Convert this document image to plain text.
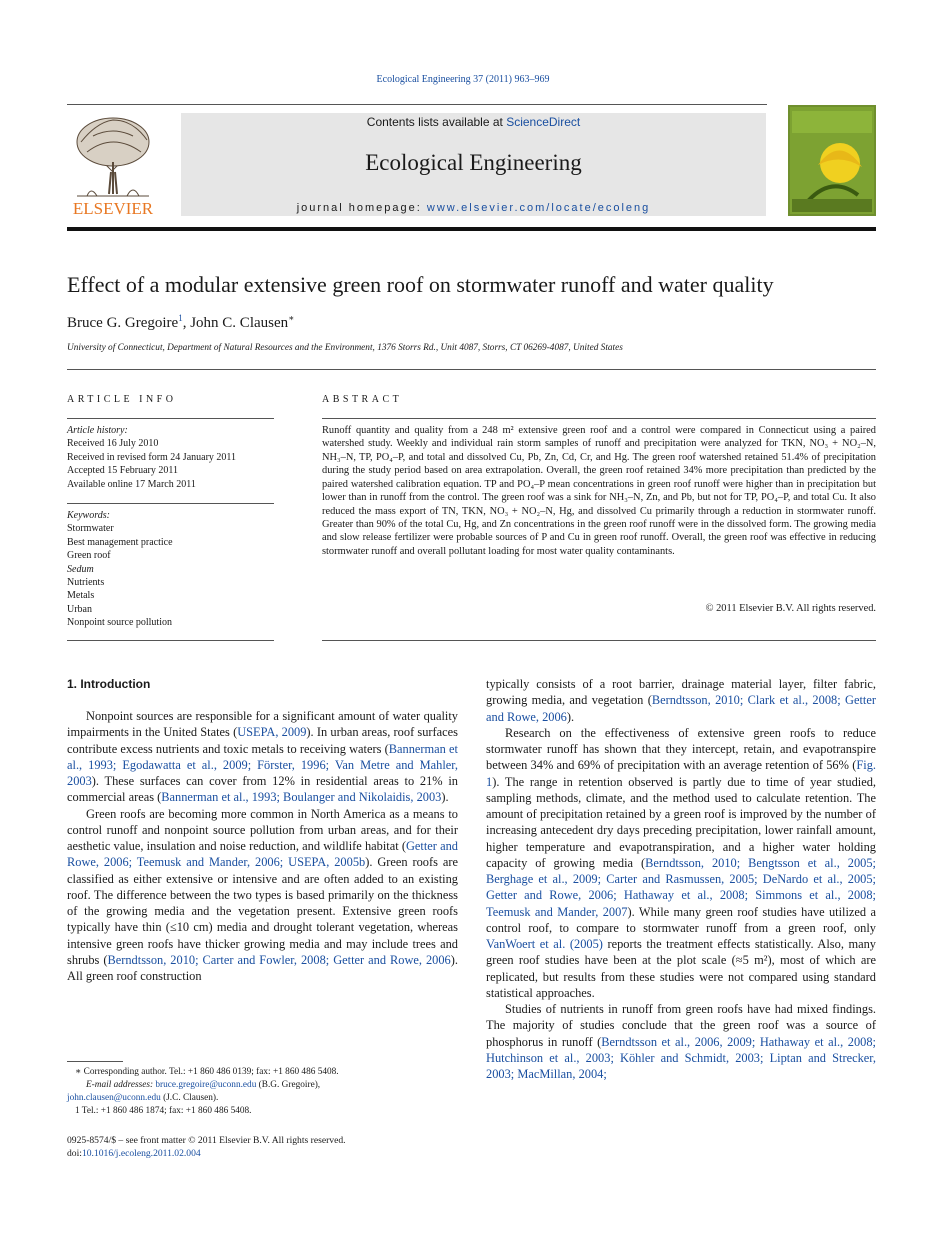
Ecological Engineering 37 (2011) 963–969
ELSEVIER
Contents lists available at ScienceDirect
Ecological Engineering
journal homepage: www.elsevier.com/locate/ecoleng
Effect of a modular extensive green roof on stormwater runoff and water quality
Bruce G. Gregoire$^1$, John C. Clausen∗
University of Connecticut, Department of Natural Resources and the Environment, 1376 Storrs Rd., Unit 4087, Storrs, CT 06269-4087, United States
ARTICLE INFO	ABSTRACT
Article history:
Received 16 July 2010
Received in revised form 24 January 2011
Accepted 15 February 2011
Available online 17 March 2011
Keywords:
Stormwater
Best management practice
Green roof
Sedum
Nutrients
Metals
Urban
Nonpoint source pollution
Runoff quantity and quality from a 248 m² extensive green roof and a control were compared in Connecticut using a paired watershed study. Weekly and individual rain storm samples of runoff and precipitation were analyzed for TKN, NO₃ + NO₂–N, NH₃–N, TP, PO₄–P, and total and dissolved Cu, Pb, Zn, Cd, Cr, and Hg. The green roof watershed retained 51.4% of precipitation during the study period based on area extrapolation. Overall, the green roof retained 34% more precipitation than predicted by the paired watershed calibration equation. TP and PO₄–P mean concentrations in green roof runoff were higher than in precipitation but lower than in runoff from the control. The green roof was a sink for NH₃–N, Zn, and Pb, but not for TP, PO₄–P, and total Cu. It also reduced the mass export of TN, TKN, NO₃ + NO₂–N, Hg, and dissolved Cu primarily through a reduction in stormwater runoff. Greater than 90% of the total Cu, Hg, and Zn concentrations in the green roof runoff were in the dissolved form. The growing media and slow release fertilizer were probable sources of P and Cu in green roof runoff. Overall, the green roof was effective in reducing stormwater runoff and overall pollutant loading for most water quality contaminants.
© 2011 Elsevier B.V. All rights reserved.
1. Introduction

Nonpoint sources are responsible for a significant amount of water quality impairments in the United States (USEPA, 2009). In urban areas, roof surfaces contribute excess nutrients and toxic metals to receiving waters (Bannerman et al., 1993; Egodawatta et al., 2009; Förster, 1996; Van Metre and Mahler, 2003). These surfaces can cover from 12% in residential areas to 21% in commercial areas (Bannerman et al., 1993; Boulanger and Nikolaidis, 2003).

Green roofs are becoming more common in North America as a means to control runoff and nonpoint source pollution from urban areas, and for their aesthetic value, insulation and noise reduction, and wildlife habitat (Getter and Rowe, 2006; Teemusk and Mander, 2006; USEPA, 2005b). Green roofs are classified as either extensive or intensive and are often added to an existing roof. The difference between the two types is based primarily on the thickness of the growing media and the vegetation present. Extensive green roofs typically have thin (≤10 cm) media and drought tolerant vegetation, whereas intensive green roofs have thicker growing media and may include trees and shrubs (Berndtsson, 2010; Carter and Fowler, 2008; Getter and Rowe, 2006). All green roof construction

typically consists of a root barrier, drainage material layer, filter fabric, growing media, and vegetation (Berndtsson, 2010; Clark et al., 2008; Getter and Rowe, 2006).

Research on the effectiveness of extensive green roofs to reduce stormwater runoff has shown that they intercept, retain, and evapotranspire between 34% and 69% of precipitation with an average retention of 56% (Fig. 1). The range in retention observed is partly due to time of year studied, sampling methods, climate, and the method used to calculate retention. The amount of precipitation retained by a green roof is improved by the number of increasing antecedent dry days preceding precipitation, lower rainfall amount, higher temperature and evapotranspiration, and a higher water holding capacity of growing media (Berndtsson, 2010; Bengtsson et al., 2005; Berghage et al., 2009; Carter and Rasmussen, 2005; DeNardo et al., 2005; Getter and Rowe, 2006; Hathaway et al., 2008; Simmons et al., 2008; Teemusk and Mander, 2007). While many green roof studies have utilized a control roof, to compare to stormwater runoff from a green roof, only VanWoert et al. (2005) reports the treatment effects statistically. Also, many green roof studies have been at the plot scale (≈5 m²), most of which are replicated, but results from these studies were not compared using standard statistical approaches.

Studies of nutrients in runoff from green roofs have had mixed findings. The majority of studies conclude that the green roof was a source of phosphorus in runoff (Berndtsson et al., 2006, 2009; Hathaway et al., 2008; Hutchinson et al., 2003; Köhler and Schmidt, 2003; Liptan and Strecker, 2003; MacMillan, 2004;

∗ Corresponding author. Tel.: +1 860 486 0139; fax: +1 860 486 5408.
E-mail addresses: bruce.gregoire@uconn.edu (B.G. Gregoire),
john.clausen@uconn.edu (J.C. Clausen).
1 Tel.: +1 860 486 1874; fax: +1 860 486 5408.
0925-8574/$ – see front matter © 2011 Elsevier B.V. All rights reserved.
doi:10.1016/j.ecoleng.2011.02.004
